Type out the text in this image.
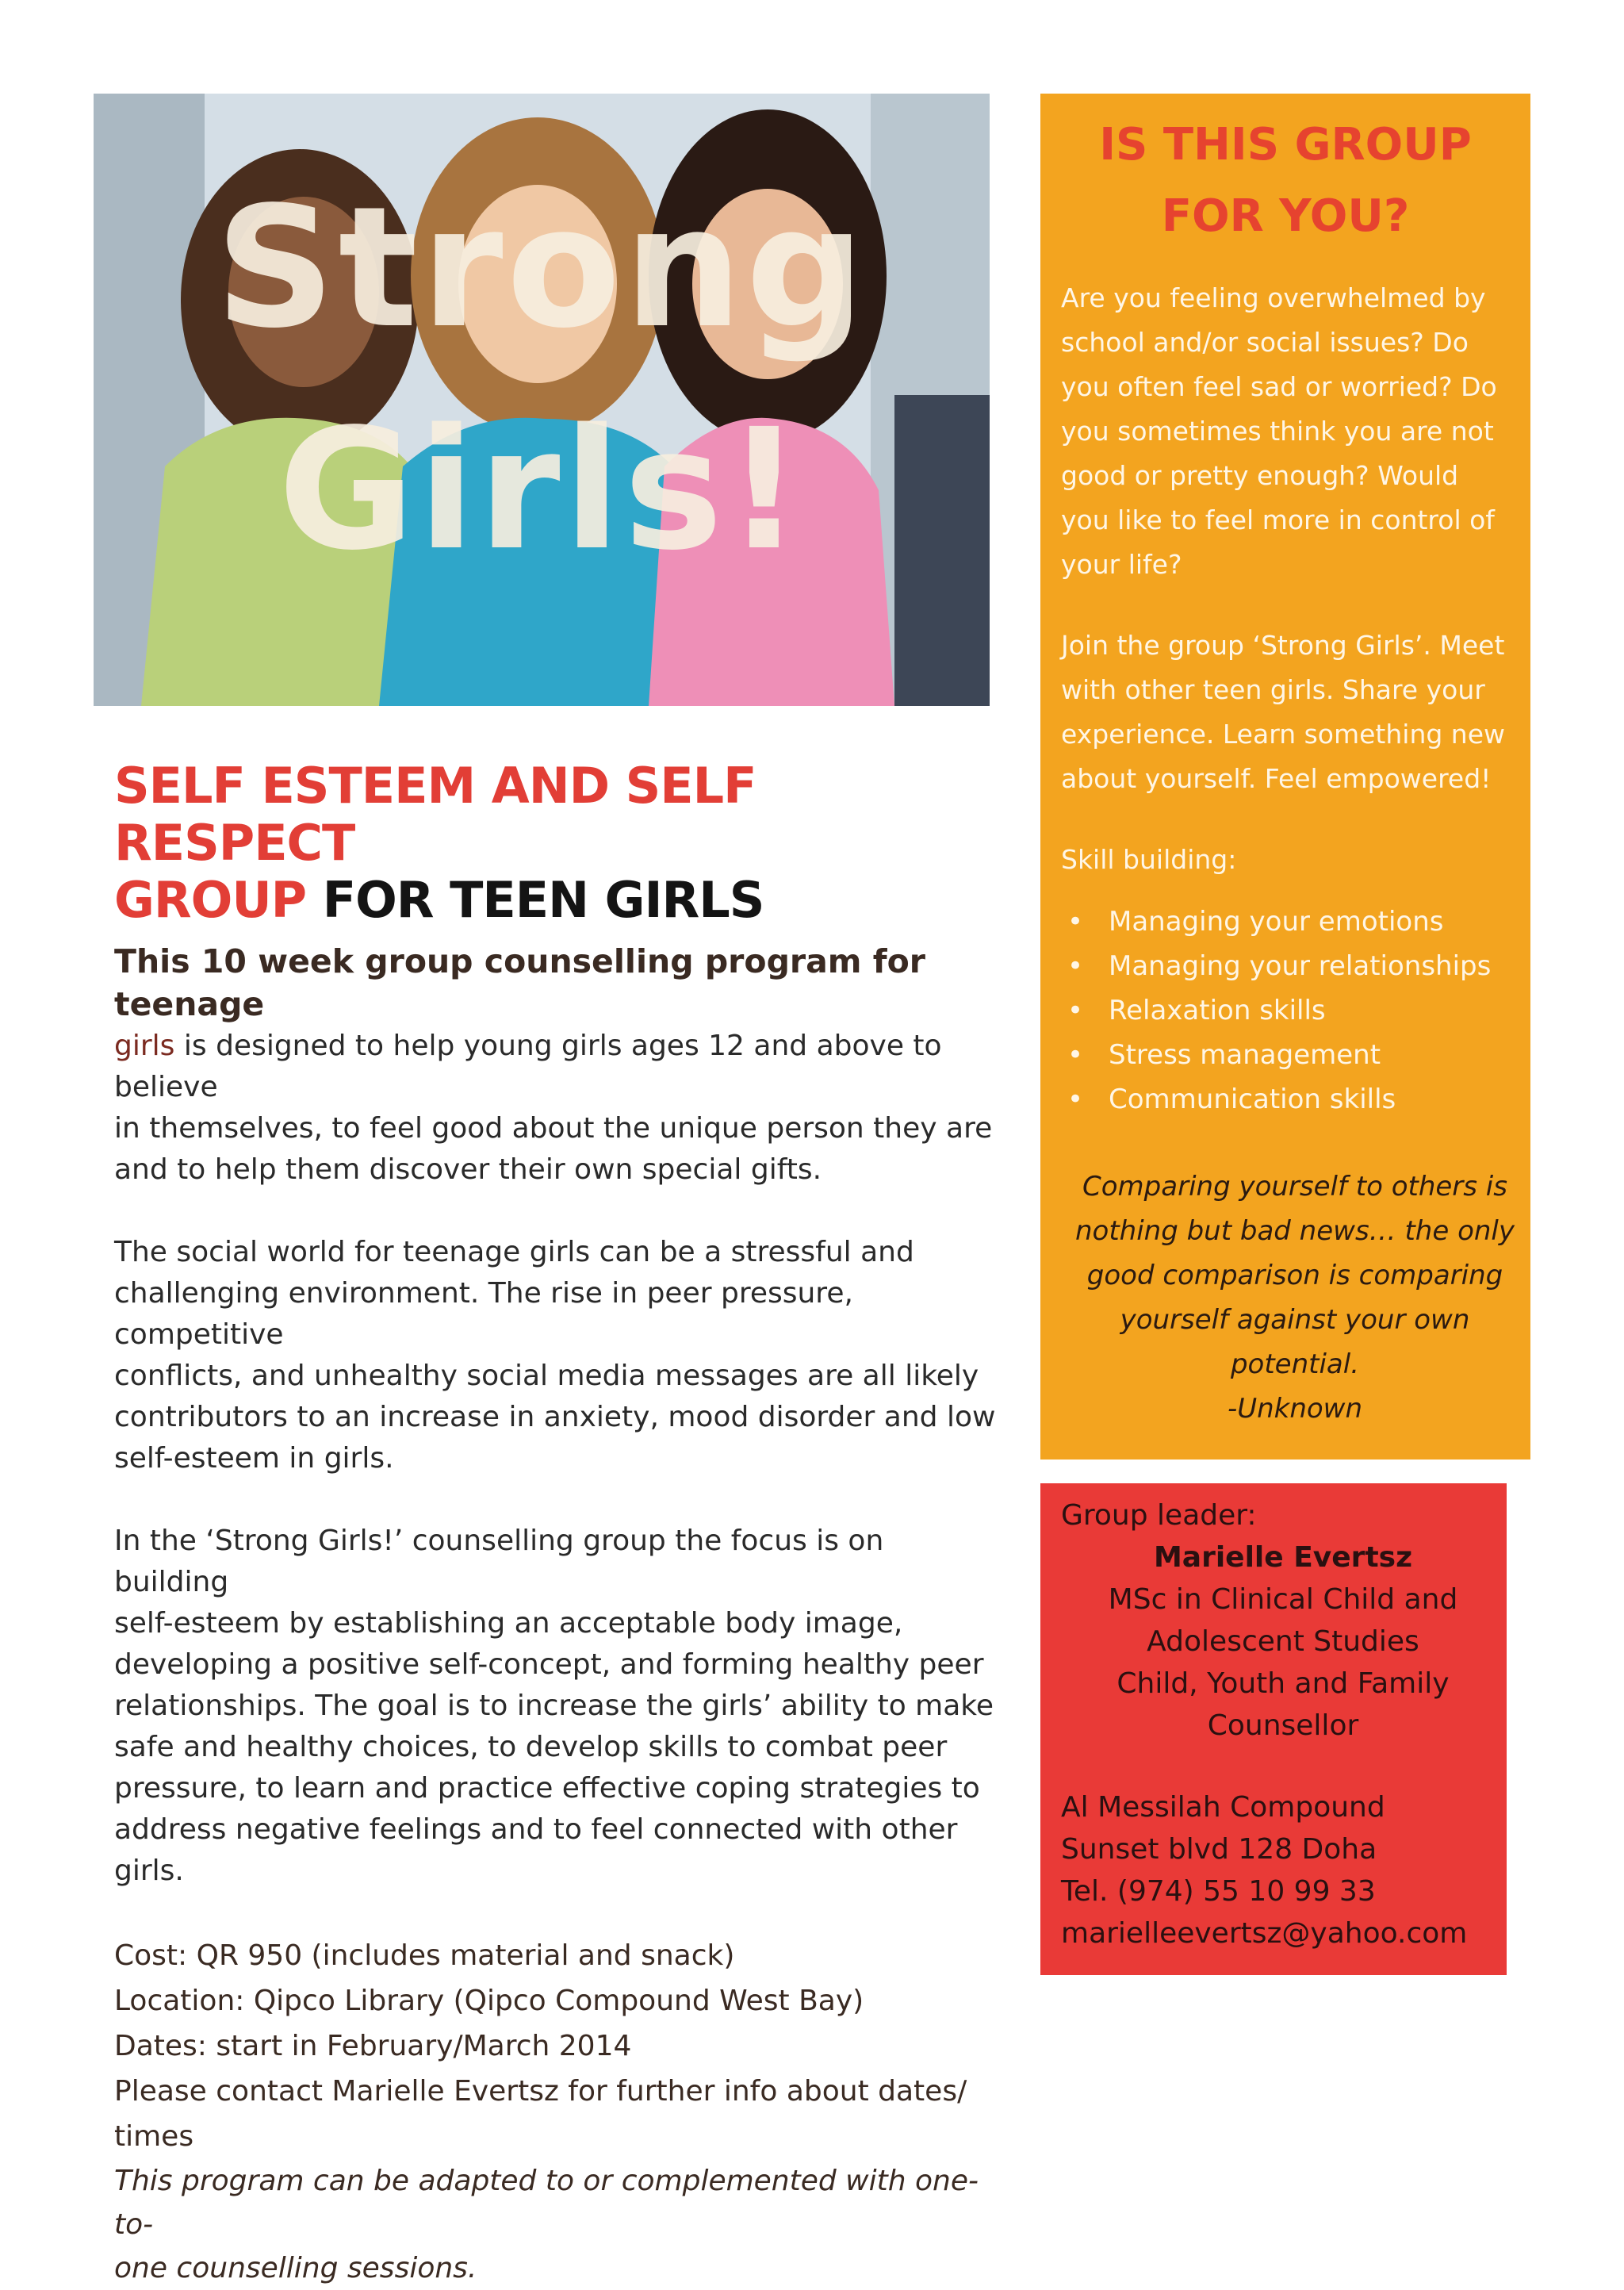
Strong
Girls!
SELF ESTEEM AND SELF RESPECT
GROUP FOR TEEN GIRLS

This 10 week group counselling program for teenage

girls is designed to help young girls ages 12 and above to believe

in themselves, to feel good about the unique person they are

and to help them discover their own special gifts.

The social world for teenage girls can be a stressful and

challenging environment. The rise in peer pressure, competitive

conflicts, and unhealthy social media messages are all likely

contributors to an increase in anxiety, mood disorder and low

self-esteem in girls.

In the ‘Strong Girls!’ counselling group the focus is on building

self-esteem by establishing an acceptable body image,

developing a positive self-concept, and forming healthy peer

relationships. The goal is to increase the girls’ ability to make

safe and healthy choices, to develop skills to combat peer

pressure, to learn and practice effective coping strategies to

address negative feelings and to feel connected with other girls.

Cost: QR 950 (includes material and snack)

Location: Qipco Library (Qipco Compound West Bay)

Dates: start in February/March 2014

Please contact Marielle Evertsz for further info about dates/

times

This program can be adapted to or complemented with one-to-

one counselling sessions.

IS THIS GROUP
FOR YOU?

Are you feeling overwhelmed by

school and/or social issues? Do

you often feel sad or worried? Do

you sometimes think you are not

good or pretty enough? Would

you like to feel more in control of

your life?

Join the group ‘Strong Girls’. Meet

with other teen girls. Share your

experience. Learn something new

about yourself. Feel empowered!

Skill building:

• Managing your emotions
• Managing your relationships
• Relaxation skills
• Stress management
• Communication skills

Comparing yourself to others is

nothing but bad news… the only

good comparison is comparing

yourself against your own

potential.

-Unknown

Group leader:

Marielle Evertsz

MSc in Clinical Child and

Adolescent Studies

Child, Youth and Family

Counsellor

Al Messilah Compound

Sunset blvd 128 Doha

Tel. (974) 55 10 99 33

marielleevertsz@yahoo.com
